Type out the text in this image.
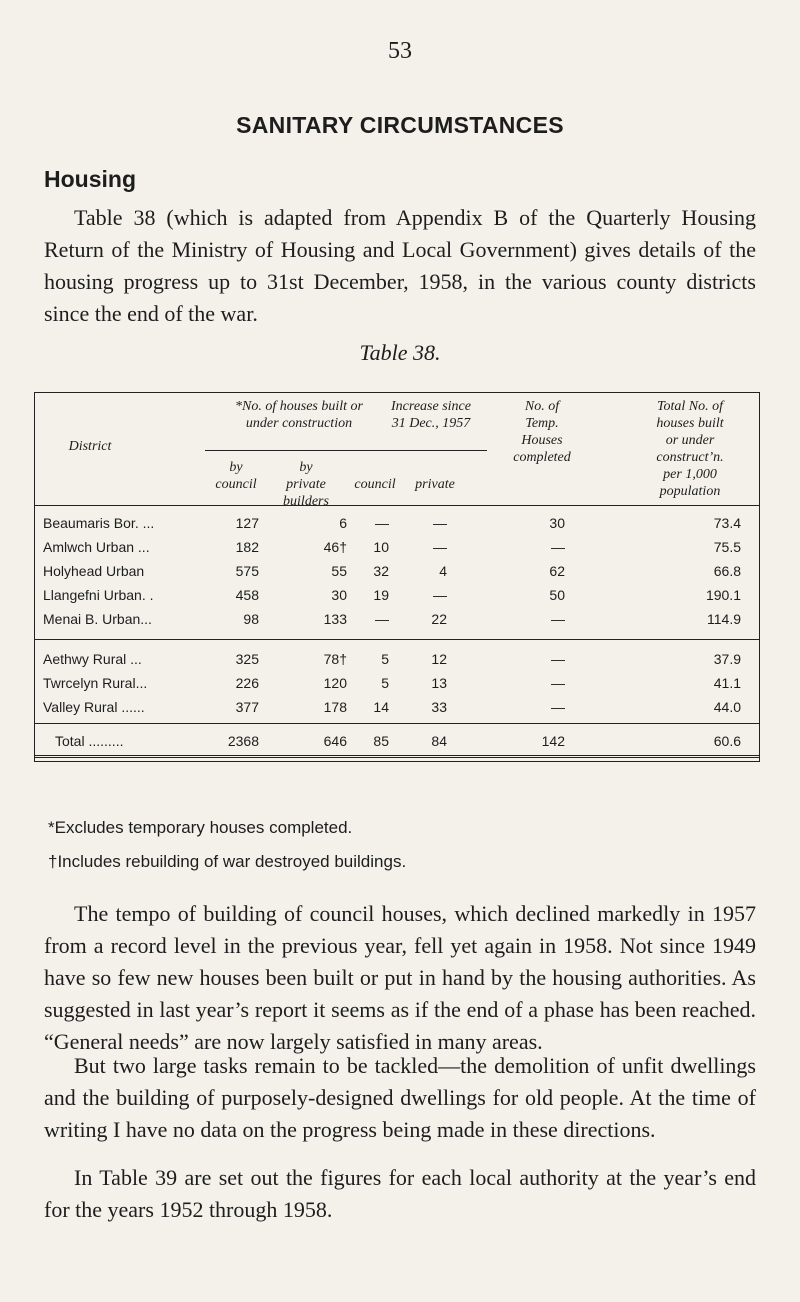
53
SANITARY CIRCUMSTANCES
Housing

Table 38 (which is adapted from Appendix B of the Quarterly Housing Return of the Ministry of Housing and Local Government) gives details of the housing progress up to 31st December, 1958, in the various county districts since the end of the war.

Table 38.
District
*No. of houses built or
under construction
Increase since
31 Dec., 1957
by
council
by
private
builders
council	private
No. of
Temp.
Houses
completed
Total No. of
houses built
or under
construct’n.
per 1,000
population
Beaumaris Bor. ...	127	6	—	—	30	73.4
Amlwch Urban ...	182	46†	10	—	—	75.5
Holyhead Urban	575	55	32	4	62	66.8
Llangefni Urban. .	458	30	19	—	50	190.1
Menai B. Urban...	98	133	—	22	—	114.9
Aethwy Rural ...	325	78†	5	12	—	37.9
Twrcelyn Rural...	226	120	5	13	—	41.1
Valley Rural ......	377	178	14	33	—	44.0
Total .........	2368	646	85	84	142	60.6
*Excludes temporary houses completed.
†Includes rebuilding of war destroyed buildings.

The tempo of building of council houses, which declined markedly in 1957 from a record level in the previous year, fell yet again in 1958. Not since 1949 have so few new houses been built or put in hand by the housing authorities. As suggested in last year’s report it seems as if the end of a phase has been reached. “General needs” are now largely satisfied in many areas.

But two large tasks remain to be tackled—the demolition of unfit dwellings and the building of purposely-designed dwellings for old people. At the time of writing I have no data on the progress being made in these directions.

In Table 39 are set out the figures for each local authority at the year’s end for the years 1952 through 1958.
